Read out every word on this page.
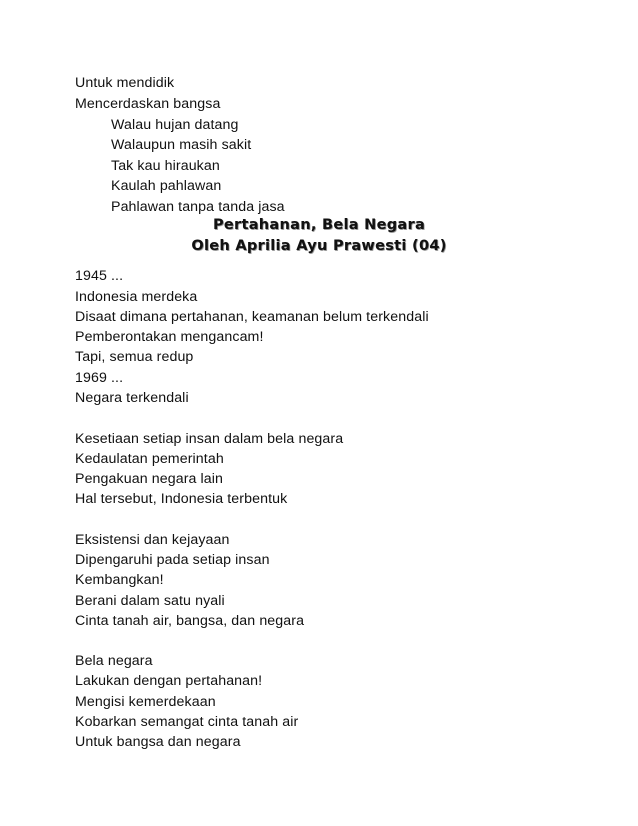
Untuk mendidik
Mencerdaskan bangsa
Walau hujan datang
Walaupun masih sakit
Tak kau hiraukan
Kaulah pahlawan
Pahlawan tanpa tanda jasa
Pertahanan, Bela Negara
Oleh Aprilia Ayu Prawesti (04)
1945 ...
Indonesia merdeka
Disaat dimana pertahanan, keamanan belum terkendali
Pemberontakan mengancam!
Tapi, semua redup
1969 ...
Negara terkendali
Kesetiaan setiap insan dalam bela negara
Kedaulatan pemerintah
Pengakuan negara lain
Hal tersebut, Indonesia terbentuk
Eksistensi dan kejayaan
Dipengaruhi pada setiap insan
Kembangkan!
Berani dalam satu nyali
Cinta tanah air, bangsa, dan negara
Bela negara
Lakukan dengan pertahanan!
Mengisi kemerdekaan
Kobarkan semangat cinta tanah air
Untuk bangsa dan negara
